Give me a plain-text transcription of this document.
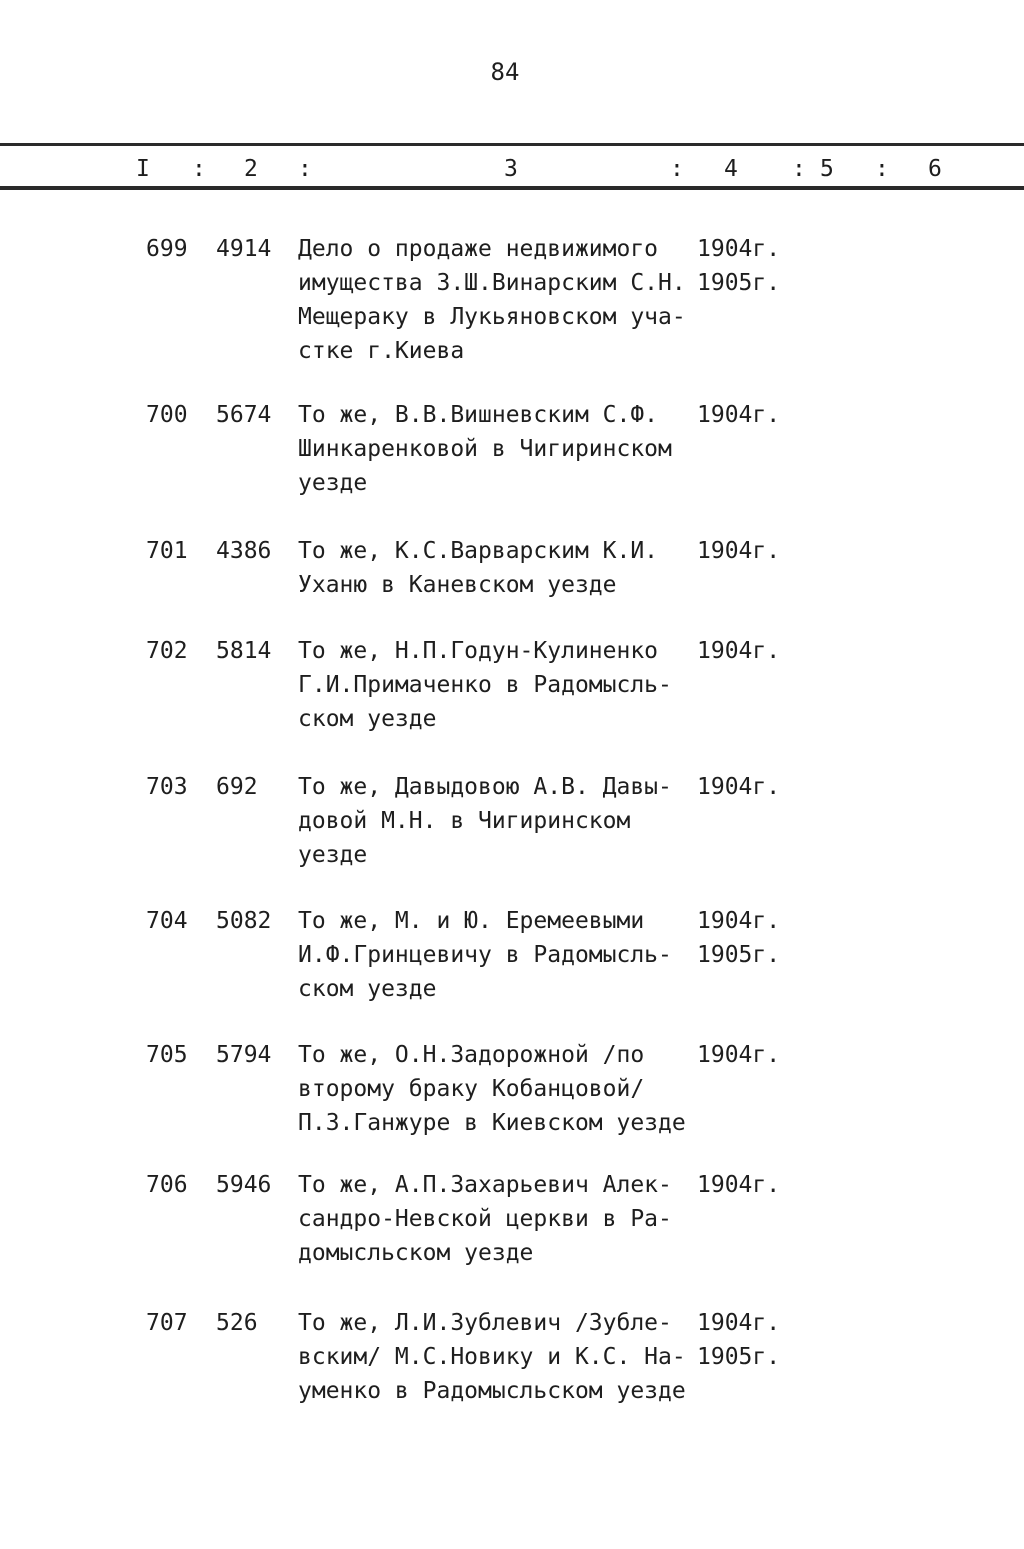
84
I : 2 :	3	: 4 : 5 : 6
699	4914	Дело о продаже недвижимого
имущества З.Ш.Винарским С.Н.
Мещераку в Лукьяновском уча-
стке г.Киева
1904г.
1905г.
700	5674	То же, В.В.Вишневским С.Ф.
Шинкаренковой в Чигиринском
уезде
1904г.
701	4386	То же, К.С.Варварским К.И.
Уханю в Каневском уезде
1904г.
702	5814	То же, Н.П.Годун-Кулиненко
Г.И.Примаченко в Радомысль-
ском уезде
1904г.
703	692	То же, Давыдовою А.В. Давы-
довой М.Н. в Чигиринском
уезде
1904г.
704	5082	То же, М. и Ю. Еремеевыми
И.Ф.Гринцевичу в Радомысль-
ском уезде
1904г.
1905г.
705	5794	То же, О.Н.Задорожной /по
второму браку Кобанцовой/
П.З.Ганжуре в Киевском уезде
1904г.
706	5946	То же, А.П.Захарьевич Алек-
сандро-Невской церкви в Ра-
домысльском уезде
1904г.
707	526	То же, Л.И.Зублевич /Зубле-
вским/ М.С.Новику и К.С. На-
уменко в Радомысльском уезде
1904г.
1905г.
